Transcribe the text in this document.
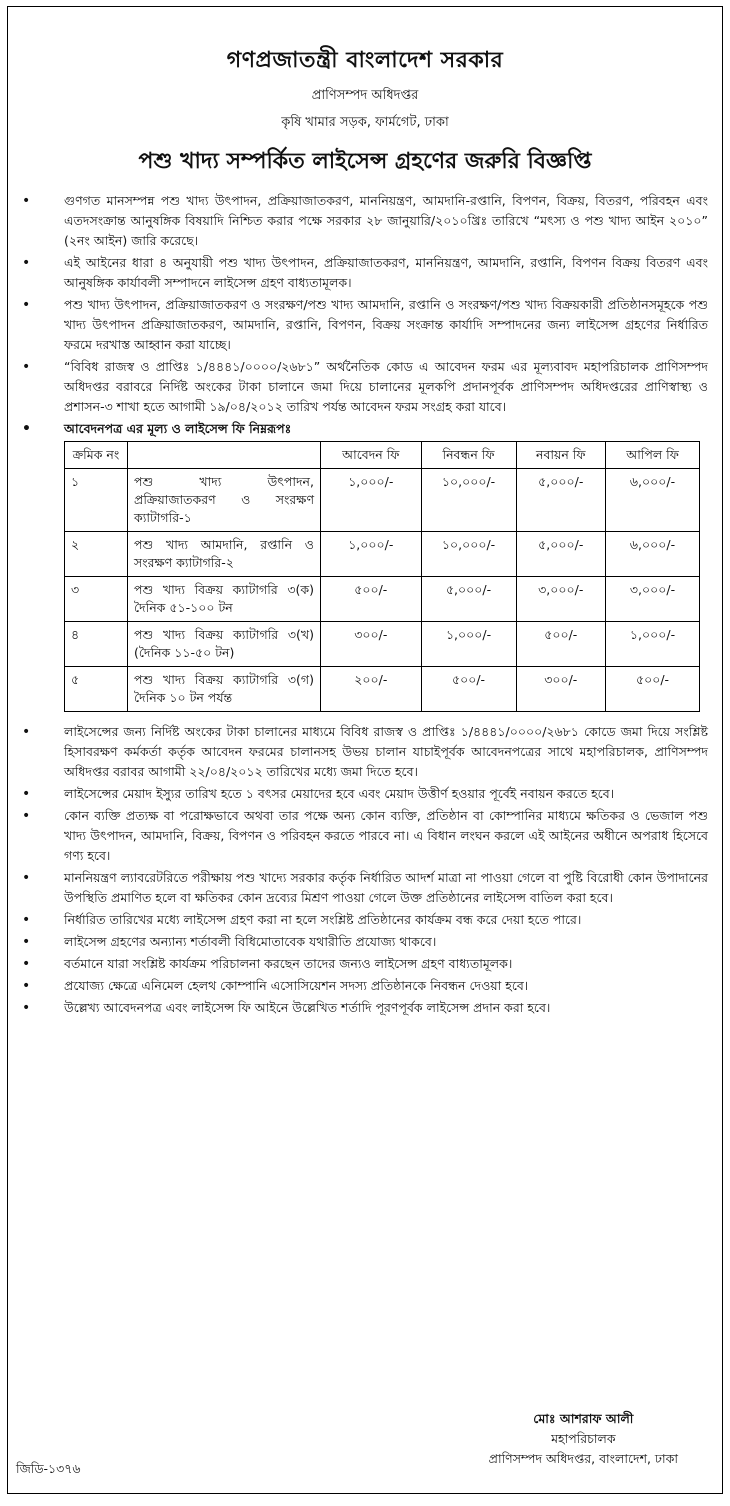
গণপ্রজাতন্ত্রী বাংলাদেশ সরকার
প্রাণিসম্পদ অধিদপ্তর
কৃষি খামার সড়ক, ফার্মগেট, ঢাকা
পশু খাদ্য সম্পর্কিত লাইসেন্স গ্রহণের জরুরি বিজ্ঞপ্তি
• গুণগত মানসম্পন্ন পশু খাদ্য উৎপাদন, প্রক্রিয়াজাতকরণ, মাননিয়ন্ত্রণ, আমদানি-রপ্তানি, বিপণন, বিক্রয়, বিতরণ, পরিবহন এবং এতদসংক্রান্ত আনুষঙ্গিক বিষয়াদি নিশ্চিত করার পক্ষে সরকার ২৮ জানুয়ারি/২০১০খ্রিঃ তারিখে “মৎস্য ও পশু খাদ্য আইন ২০১০” (২নং আইন) জারি করেছে।
• এই আইনের ধারা ৪ অনুযায়ী পশু খাদ্য উৎপাদন, প্রক্রিয়াজাতকরণ, মাননিয়ন্ত্রণ, আমদানি, রপ্তানি, বিপণন বিক্রয় বিতরণ এবং আনুষঙ্গিক কার্যাবলী সম্পাদনে লাইসেন্স গ্রহণ বাধ্যতামূলক।
• পশু খাদ্য উৎপাদন, প্রক্রিয়াজাতকরণ ও সংরক্ষণ/পশু খাদ্য আমদানি, রপ্তানি ও সংরক্ষণ/পশু খাদ্য বিক্রয়কারী প্রতিষ্ঠানসমূহকে পশু খাদ্য উৎপাদন প্রক্রিয়াজাতকরণ, আমদানি, রপ্তানি, বিপণন, বিক্রয় সংক্রান্ত কার্যাদি সম্পাদনের জন্য লাইসেন্স গ্রহণের নির্ধারিত ফরমে দরখাস্ত আহ্বান করা যাচ্ছে।
• “বিবিধ রাজস্ব ও প্রাপ্তিঃ ১/৪৪৪১/০০০০/২৬৮১” অর্থনৈতিক কোড এ আবেদন ফরম এর মূল্যবাবদ মহাপরিচালক প্রাণিসম্পদ অধিদপ্তর বরাবরে নির্দিষ্ট অংকের টাকা চালানে জমা দিয়ে চালানের মূলকপি প্রদানপূর্বক প্রাণিসম্পদ অধিদপ্তরের প্রাণিস্বাস্থ্য ও প্রশাসন-৩ শাখা হতে আগামী ১৯/০৪/২০১২ তারিখ পর্যন্ত আবেদন ফরম সংগ্রহ করা যাবে।
• আবেদনপত্র এর মূল্য ও লাইসেন্স ফি নিম্নরূপঃ
ক্রমিক নং		আবেদন ফি	নিবন্ধন ফি	নবায়ন ফি	আপিল ফি
১	পশু খাদ্য উৎপাদন, প্রক্রিয়াজাতকরণ ও সংরক্ষণ ক্যাটাগরি-১	১,০০০/-	১০,০০০/-	৫,০০০/-	৬,০০০/-
২	পশু খাদ্য আমদানি, রপ্তানি ও সংরক্ষণ ক্যাটাগরি-২	১,০০০/-	১০,০০০/-	৫,০০০/-	৬,০০০/-
৩	পশু খাদ্য বিক্রয় ক্যাটাগরি ৩(ক) দৈনিক ৫১-১০০ টন	৫০০/-	৫,০০০/-	৩,০০০/-	৩,০০০/-
৪	পশু খাদ্য বিক্রয় ক্যাটাগরি ৩(খ) (দৈনিক ১১-৫০ টন)	৩০০/-	১,০০০/-	৫০০/-	১,০০০/-
৫	পশু খাদ্য বিক্রয় ক্যাটাগরি ৩(গ) দৈনিক ১০ টন পর্যন্ত	২০০/-	৫০০/-	৩০০/-	৫০০/-
• লাইসেন্সের জন্য নির্দিষ্ট অংকের টাকা চালানের মাধ্যমে বিবিধ রাজস্ব ও প্রাপ্তিঃ ১/৪৪৪১/০০০০/২৬৮১ কোডে জমা দিয়ে সংশ্লিষ্ট হিসাবরক্ষণ কর্মকর্তা কর্তৃক আবেদন ফরমের চালানসহ উভয় চালান যাচাইপূর্বক আবেদনপত্রের সাথে মহাপরিচালক, প্রাণিসম্পদ অধিদপ্তর বরাবর আগামী ২২/০৪/২০১২ তারিখের মধ্যে জমা দিতে হবে।
• লাইসেন্সের মেয়াদ ইস্যুর তারিখ হতে ১ বৎসর মেয়াদের হবে এবং মেয়াদ উত্তীর্ণ হওয়ার পূর্বেই নবায়ন করতে হবে।
• কোন ব্যক্তি প্রত্যক্ষ বা পরোক্ষভাবে অথবা তার পক্ষে অন্য কোন ব্যক্তি, প্রতিষ্ঠান বা কোম্পানির মাধ্যমে ক্ষতিকর ও ভেজাল পশু খাদ্য উৎপাদন, আমদানি, বিক্রয়, বিপণন ও পরিবহন করতে পারবে না। এ বিধান লংঘন করলে এই আইনের অধীনে অপরাধ হিসেবে গণ্য হবে।
• মাননিয়ন্ত্রণ ল্যাবরেটরিতে পরীক্ষায় পশু খাদ্যে সরকার কর্তৃক নির্ধারিত আদর্শ মাত্রা না পাওয়া গেলে বা পুষ্টি বিরোধী কোন উপাদানের উপস্থিতি প্রমাণিত হলে বা ক্ষতিকর কোন দ্রব্যের মিশ্রণ পাওয়া গেলে উক্ত প্রতিষ্ঠানের লাইসেন্স বাতিল করা হবে।
• নির্ধারিত তারিখের মধ্যে লাইসেন্স গ্রহণ করা না হলে সংশ্লিষ্ট প্রতিষ্ঠানের কার্যক্রম বন্ধ করে দেয়া হতে পারে।
• লাইসেন্স গ্রহণের অন্যান্য শর্তাবলী বিধিমোতাবেক যথারীতি প্রযোজ্য থাকবে।
• বর্তমানে যারা সংশ্লিষ্ট কার্যক্রম পরিচালনা করছেন তাদের জন্যও লাইসেন্স গ্রহণ বাধ্যতামূলক।
• প্রযোজ্য ক্ষেত্রে এনিমেল হেলথ কোম্পানি এসোসিয়েশন সদস্য প্রতিষ্ঠানকে নিবন্ধন দেওয়া হবে।
• উল্লেখ্য আবেদনপত্র এবং লাইসেন্স ফি আইনে উল্লেখিত শর্তাদি পূরণপূর্বক লাইসেন্স প্রদান করা হবে।
মোঃ আশরাফ আলী
মহাপরিচালক
প্রাণিসম্পদ অধিদপ্তর, বাংলাদেশ, ঢাকা
জিডি-১৩৭৬
